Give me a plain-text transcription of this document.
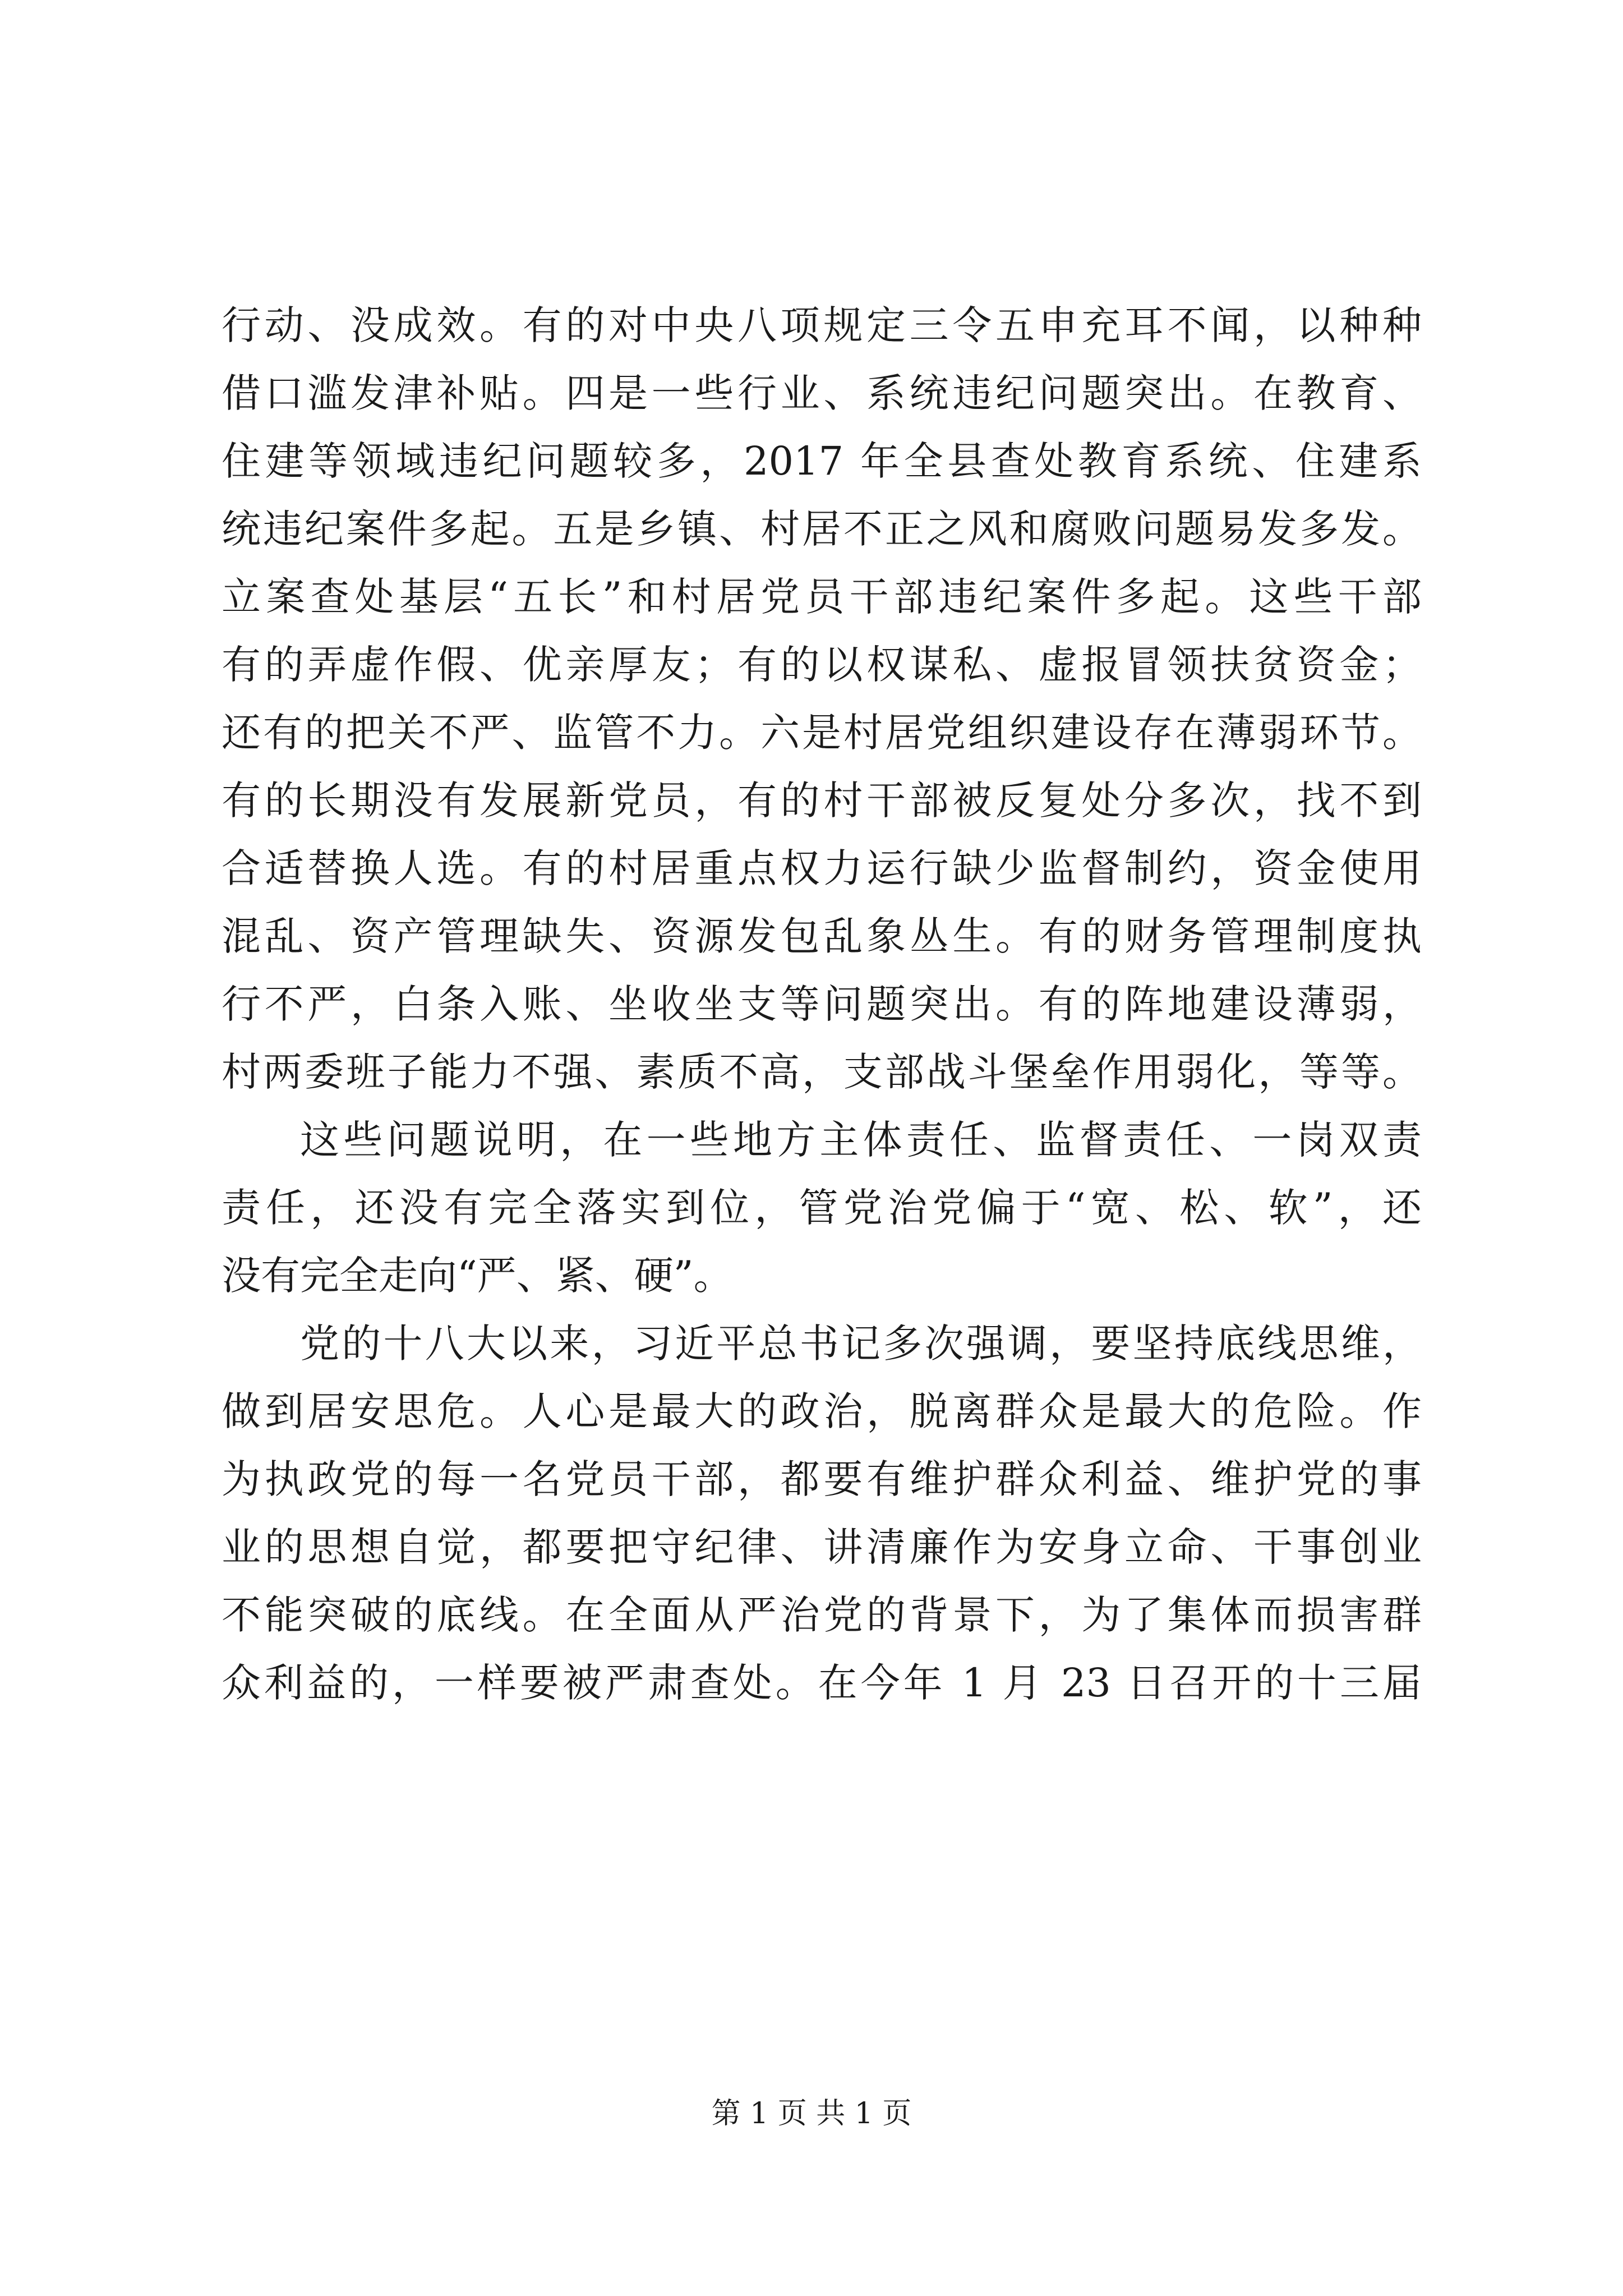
行动、没成效。有的对中央八项规定三令五申充耳不闻，以种种
借口滥发津补贴。四是一些行业、系统违纪问题突出。在教育、
住建等领域违纪问题较多，2017 年全县查处教育系统、住建系
统违纪案件多起。五是乡镇、村居不正之风和腐败问题易发多发。
立案查处基层“五长”和村居党员干部违纪案件多起。这些干部
有的弄虚作假、优亲厚友；有的以权谋私、虚报冒领扶贫资金；
还有的把关不严、监管不力。六是村居党组织建设存在薄弱环节。
有的长期没有发展新党员，有的村干部被反复处分多次，找不到
合适替换人选。有的村居重点权力运行缺少监督制约，资金使用
混乱、资产管理缺失、资源发包乱象丛生。有的财务管理制度执
行不严，白条入账、坐收坐支等问题突出。有的阵地建设薄弱，
村两委班子能力不强、素质不高，支部战斗堡垒作用弱化，等等。
这些问题说明，在一些地方主体责任、监督责任、一岗双责
责任，还没有完全落实到位，管党治党偏于“宽、松、软”，还
没有完全走向“严、紧、硬”。
党的十八大以来，习近平总书记多次强调，要坚持底线思维，
做到居安思危。人心是最大的政治，脱离群众是最大的危险。作
为执政党的每一名党员干部，都要有维护群众利益、维护党的事
业的思想自觉，都要把守纪律、讲清廉作为安身立命、干事创业
不能突破的底线。在全面从严治党的背景下，为了集体而损害群
众利益的，一样要被严肃查处。在今年 1 月 23 日召开的十三届
第 1 页 共 1 页
